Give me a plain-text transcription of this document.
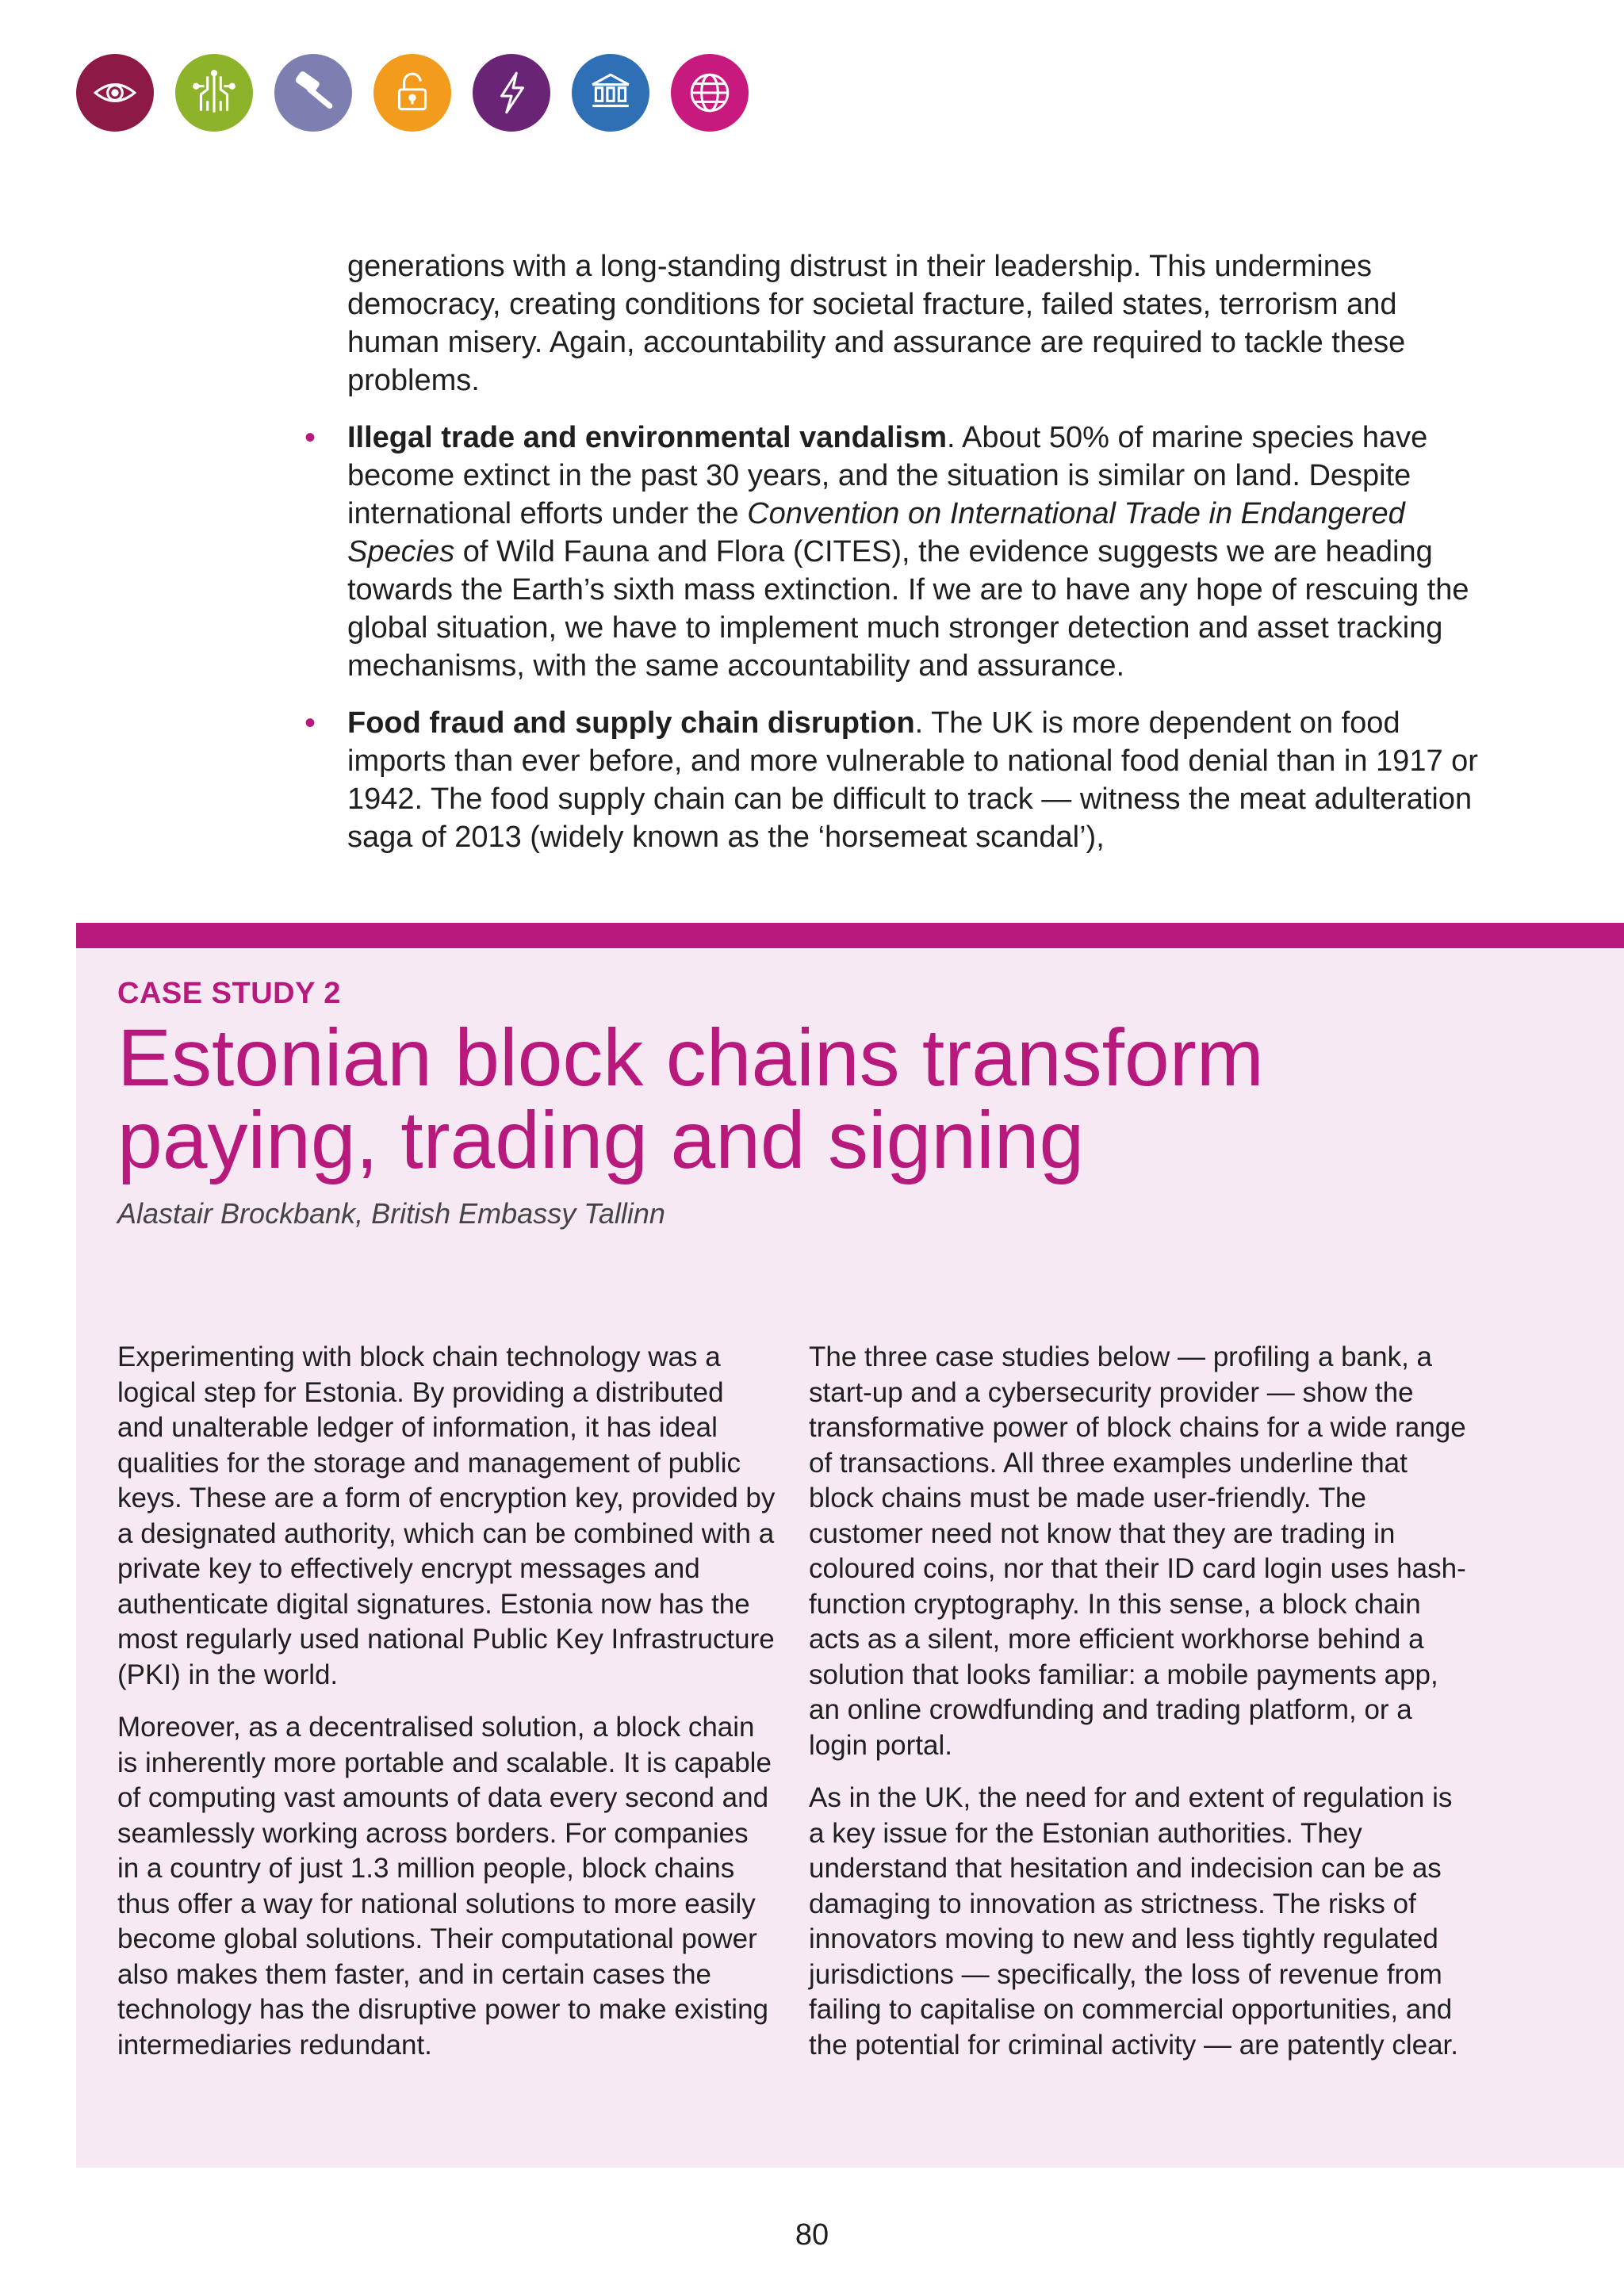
generations with a long-standing distrust in their leadership. This undermines democracy, creating conditions for societal fracture, failed states, terrorism and human misery. Again, accountability and assurance are required to tackle these problems.

• Illegal trade and environmental vandalism. About 50% of marine species have become extinct in the past 30 years, and the situation is similar on land. Despite international efforts under the Convention on International Trade in Endangered Species of Wild Fauna and Flora (CITES), the evidence suggests we are heading towards the Earth’s sixth mass extinction. If we are to have any hope of rescuing the global situation, we have to implement much stronger detection and asset tracking mechanisms, with the same accountability and assurance.
• Food fraud and supply chain disruption. The UK is more dependent on food imports than ever before, and more vulnerable to national food denial than in 1917 or 1942. The food supply chain can be difficult to track — witness the meat adulteration saga of 2013 (widely known as the ‘horsemeat scandal’),
CASE STUDY 2
Estonian block chains transform paying, trading and signing
Alastair Brockbank, British Embassy Tallinn

Experimenting with block chain technology was a logical step for Estonia. By providing a distributed and unalterable ledger of information, it has ideal qualities for the storage and management of public keys. These are a form of encryption key, provided by a designated authority, which can be combined with a private key to effectively encrypt messages and authenticate digital signatures. Estonia now has the most regularly used national Public Key Infrastructure (PKI) in the world.

Moreover, as a decentralised solution, a block chain is inherently more portable and scalable. It is capable of computing vast amounts of data every second and seamlessly working across borders. For companies in a country of just 1.3 million people, block chains thus offer a way for national solutions to more easily become global solutions. Their computational power also makes them faster, and in certain cases the technology has the disruptive power to make existing intermediaries redundant.

The three case studies below — profiling a bank, a start-up and a cybersecurity provider — show the transformative power of block chains for a wide range of transactions. All three examples underline that block chains must be made user-friendly. The customer need not know that they are trading in coloured coins, nor that their ID card login uses hash-function cryptography. In this sense, a block chain acts as a silent, more efficient workhorse behind a solution that looks familiar: a mobile payments app, an online crowdfunding and trading platform, or a login portal.

As in the UK, the need for and extent of regulation is a key issue for the Estonian authorities. They understand that hesitation and indecision can be as damaging to innovation as strictness. The risks of innovators moving to new and less tightly regulated jurisdictions — specifically, the loss of revenue from failing to capitalise on commercial opportunities, and the potential for criminal activity — are patently clear.

80
